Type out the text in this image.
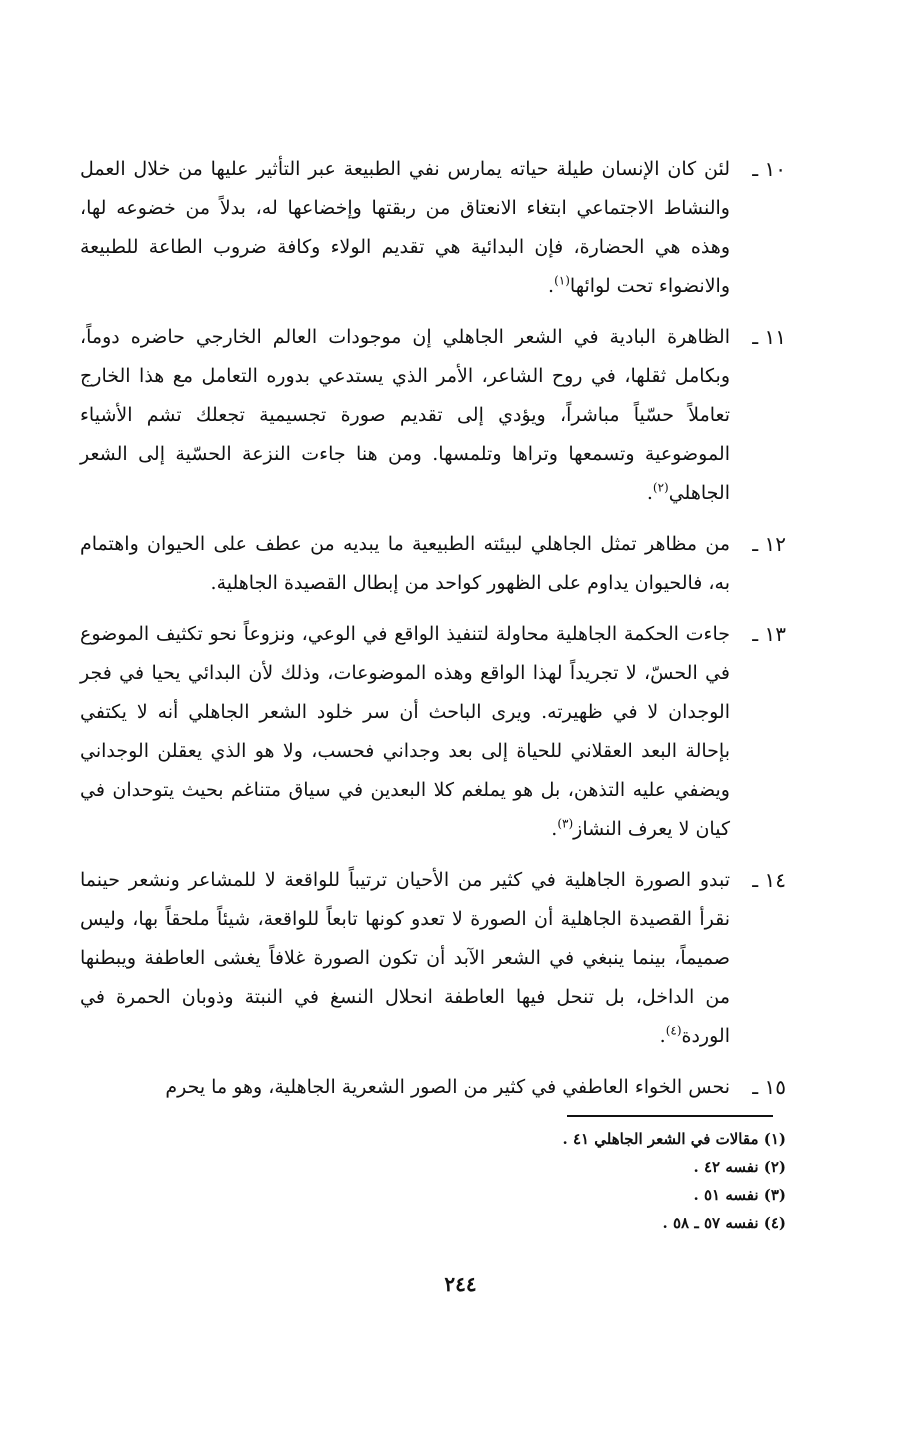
١٠ ـ
لئن كان الإنسان طيلة حياته يمارس نفي الطبيعة عبر التأثير عليها من خلال العمل والنشاط الاجتماعي ابتغاء الانعتاق من ربقتها وإخضاعها له، بدلاً من خضوعه لها، وهذه هي الحضارة، فإن البدائية هي تقديم الولاء وكافة ضروب الطاعة للطبيعة والانضواء تحت لوائها$^{(١)}$.
١١ ـ
الظاهرة البادية في الشعر الجاهلي إن موجودات العالم الخارجي حاضره دوماً، وبكامل ثقلها، في روح الشاعر، الأمر الذي يستدعي بدوره التعامل مع هذا الخارج تعاملاً حسّياً مباشراً، ويؤدي إلى تقديم صورة تجسيمية تجعلك تشم الأشياء الموضوعية وتسمعها وتراها وتلمسها. ومن هنا جاءت النزعة الحسّية إلى الشعر الجاهلي$^{(٢)}$.
١٢ ـ
من مظاهر تمثل الجاهلي لبيئته الطبيعية ما يبديه من عطف على الحيوان واهتمام به، فالحيوان يداوم على الظهور كواحد من إبطال القصيدة الجاهلية.
١٣ ـ
جاءت الحكمة الجاهلية محاولة لتنفيذ الواقع في الوعي، ونزوعاً نحو تكثيف الموضوع في الحسّ، لا تجريداً لهذا الواقع وهذه الموضوعات، وذلك لأن البدائي يحيا في فجر الوجدان لا في ظهيرته. ويرى الباحث أن سر خلود الشعر الجاهلي أنه لا يكتفي بإحالة البعد العقلاني للحياة إلى بعد وجداني فحسب، ولا هو الذي يعقلن الوجداني ويضفي عليه التذهن، بل هو يملغم كلا البعدين في سياق متناغم بحيث يتوحدان في كيان لا يعرف النشاز$^{(٣)}$.
١٤ ـ
تبدو الصورة الجاهلية في كثير من الأحيان ترتيباً للواقعة لا للمشاعر ونشعر حينما نقرأ القصيدة الجاهلية أن الصورة لا تعدو كونها تابعاً للواقعة، شيئاً ملحقاً بها، وليس صميماً، بينما ينبغي في الشعر الآبد أن تكون الصورة غلافاً يغشى العاطفة ويبطنها من الداخل، بل تنحل فيها العاطفة انحلال النسغ في النبتة وذوبان الحمرة في الوردة$^{(٤)}$.
١٥ ـ
نحس الخواء العاطفي في كثير من الصور الشعرية الجاهلية، وهو ما يحرم
(١) مقالات في الشعر الجاهلي ٤١ .
(٢) نفسه ٤٢ .
(٣) نفسه ٥١ .
(٤) نفسه ٥٧ ـ ٥٨ .
٢٤٤
